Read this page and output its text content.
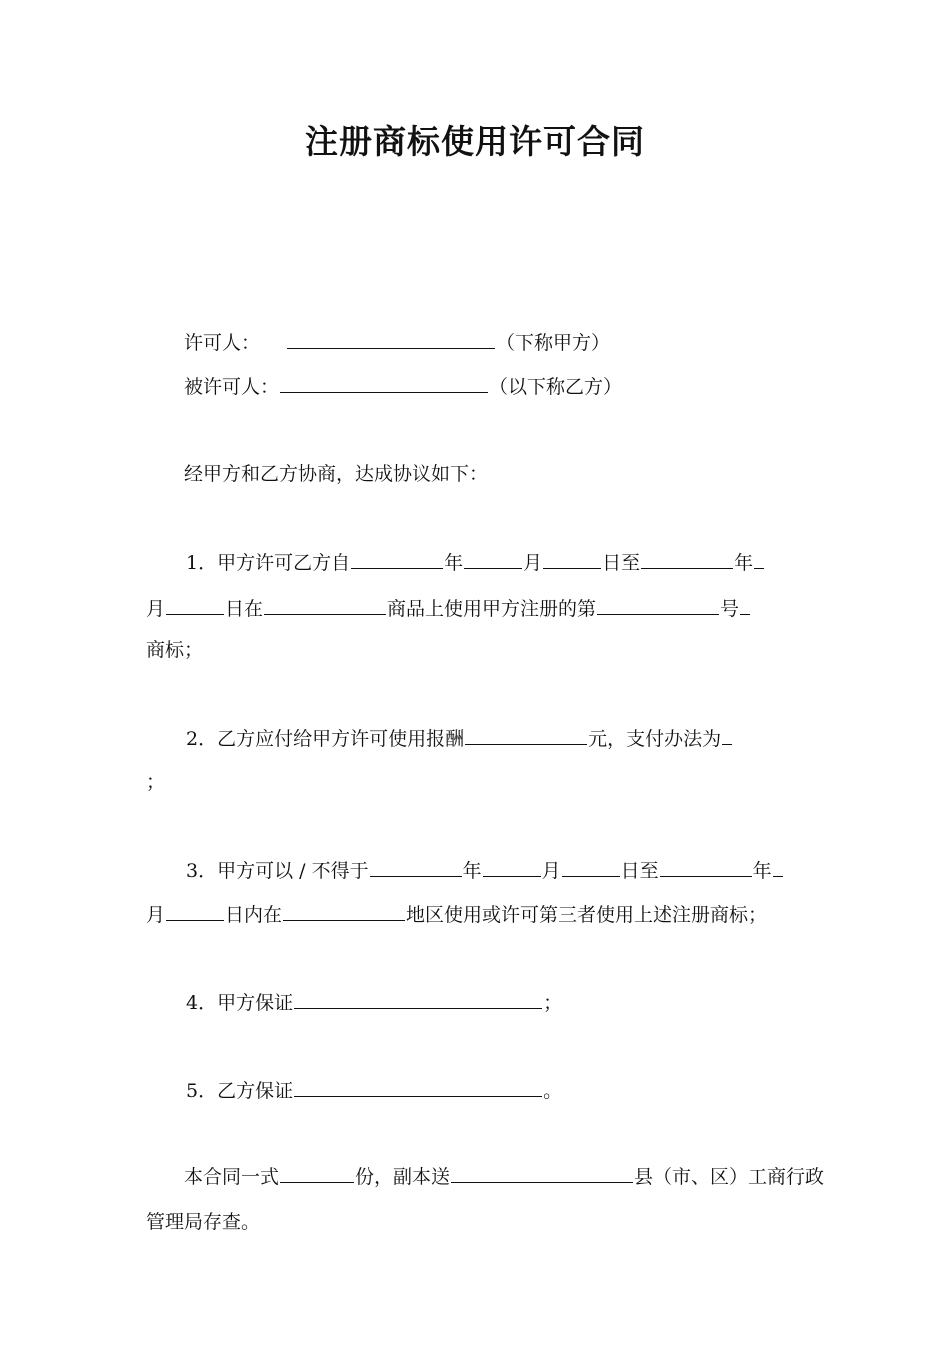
注册商标使用许可合同
许可人：	（下称甲方）
被许可人：	（以下称乙方）
经甲方和乙方协商，达成协议如下：
1．甲方许可乙方自	年	月	日至	年
月	日在	商品上使用甲方注册的第	号
商标；
2．乙方应付给甲方许可使用报酬	元，支付办法为
；
3．甲方可以 / 不得于	年	月	日至	年
月	日内在	地区使用或许可第三者使用上述注册商标；
4．甲方保证	；
5．乙方保证	。
本合同一式	份，副本送	县（市、区）工商行政
管理局存查。
